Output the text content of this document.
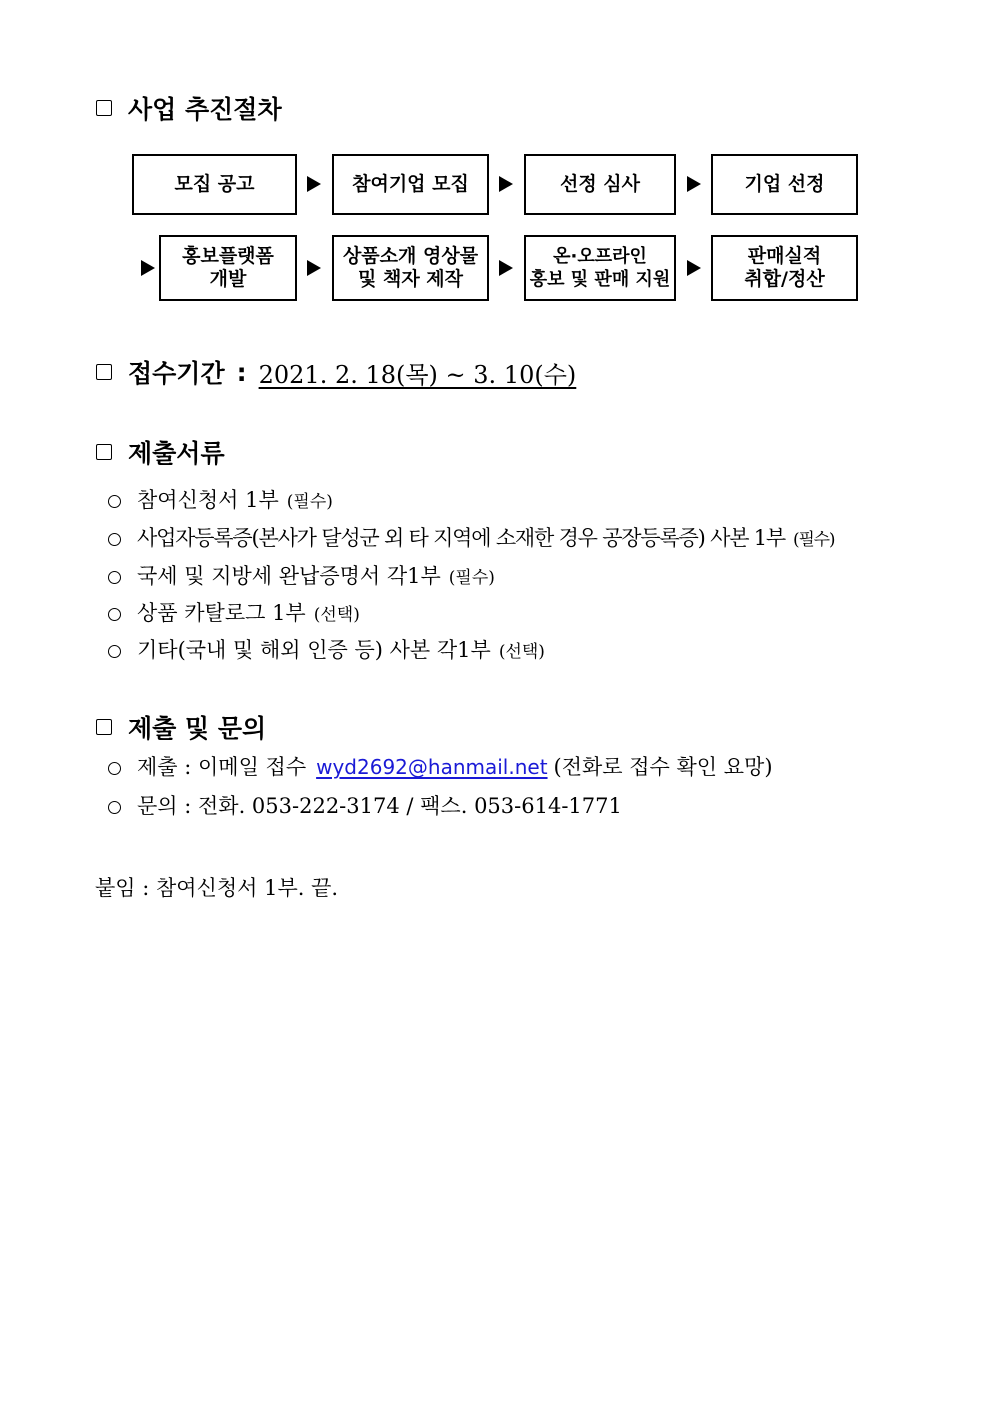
사업 추진절차
모집 공고	참여기업 모집	선정 심사	기업 선정
홍보플랫폼
개발
상품소개 영상물
및 책자 제작
온·오프라인
홍보 및 판매 지원
판매실적
취합/정산
접수기간 : 2021. 2. 18(목) ~ 3. 10(수)
제출서류
참여신청서 1부 (필수)
사업자등록증(본사가 달성군 외 타 지역에 소재한 경우 공장등록증) 사본 1부 (필수)
국세 및 지방세 완납증명서 각1부 (필수)
상품 카탈로그 1부 (선택)
기타(국내 및 해외 인증 등) 사본 각1부 (선택)
제출 및 문의
제출 : 이메일 접수 wyd2692@hanmail.net (전화로 접수 확인 요망)
문의 : 전화. 053-222-3174 / 팩스. 053-614-1771
붙임 : 참여신청서 1부. 끝.
